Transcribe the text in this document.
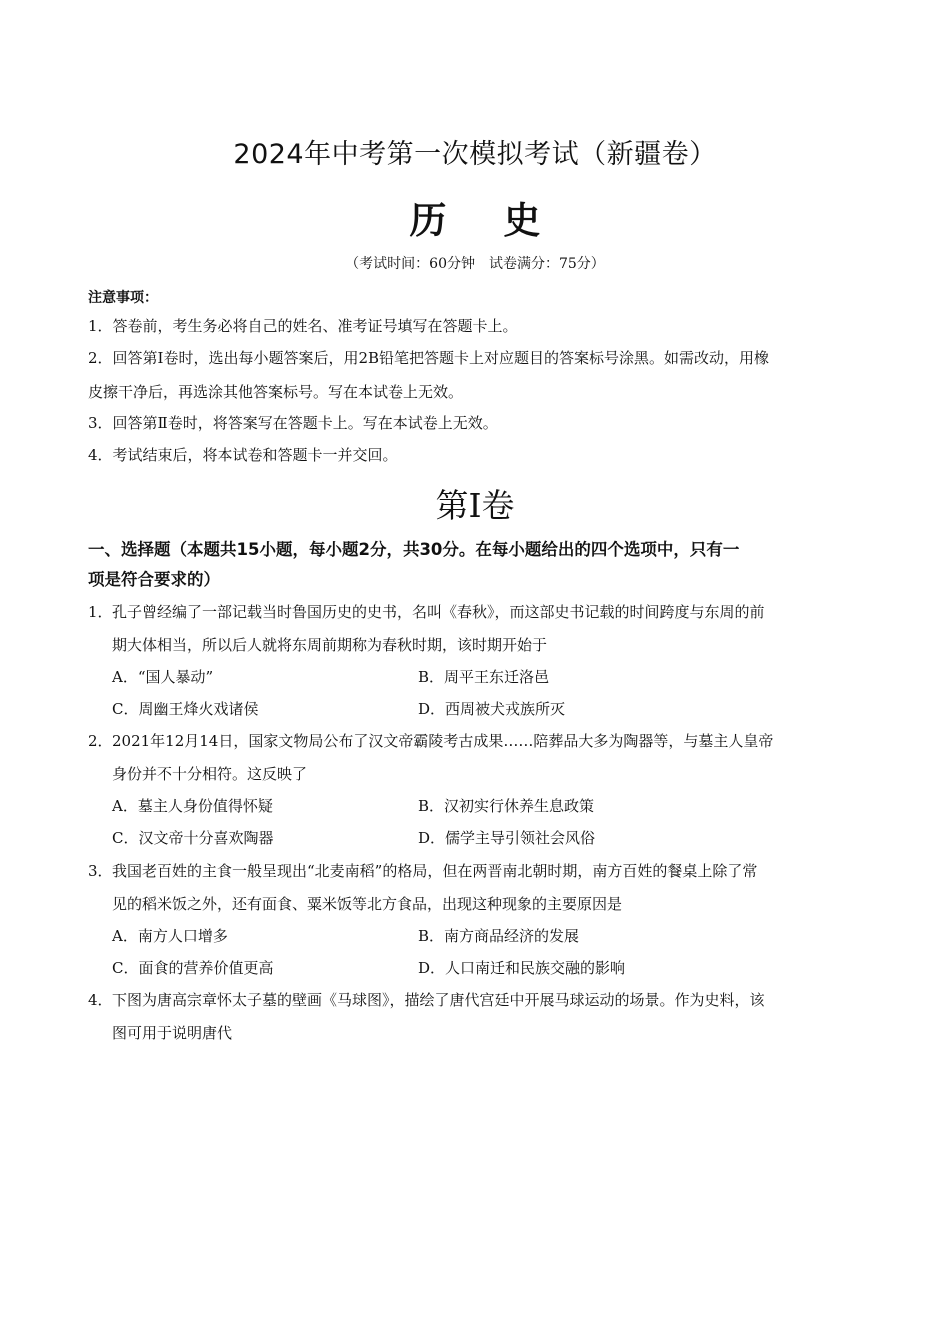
2024年中考第一次模拟考试（新疆卷）
历 史
（考试时间：60分钟　试卷满分：75分）
注意事项：
1．答卷前，考生务必将自己的姓名、准考证号填写在答题卡上。
2．回答第Ⅰ卷时，选出每小题答案后，用2B铅笔把答题卡上对应题目的答案标号涂黑。如需改动，用橡
皮擦干净后，再选涂其他答案标号。写在本试卷上无效。
3．回答第Ⅱ卷时，将答案写在答题卡上。写在本试卷上无效。
4．考试结束后，将本试卷和答题卡一并交回。
第Ⅰ卷
一、选择题（本题共15小题，每小题2分，共30分。在每小题给出的四个选项中，只有一
项是符合要求的）
1．孔子曾经编了一部记载当时鲁国历史的史书，名叫《春秋》，而这部史书记载的时间跨度与东周的前
期大体相当，所以后人就将东周前期称为春秋时期，该时期开始于
A．“国人暴动”	B．周平王东迁洛邑
C．周幽王烽火戏诸侯	D．西周被犬戎族所灭
2．2021年12月14日，国家文物局公布了汉文帝霸陵考古成果……陪葬品大多为陶器等，与墓主人皇帝
身份并不十分相符。这反映了
A．墓主人身份值得怀疑	B．汉初实行休养生息政策
C．汉文帝十分喜欢陶器	D．儒学主导引领社会风俗
3．我国老百姓的主食一般呈现出“北麦南稻”的格局，但在两晋南北朝时期，南方百姓的餐桌上除了常
见的稻米饭之外，还有面食、粟米饭等北方食品，出现这种现象的主要原因是
A．南方人口增多	B．南方商品经济的发展
C．面食的营养价值更高	D．人口南迁和民族交融的影响
4．下图为唐高宗章怀太子墓的壁画《马球图》，描绘了唐代宫廷中开展马球运动的场景。作为史料，该
图可用于说明唐代
